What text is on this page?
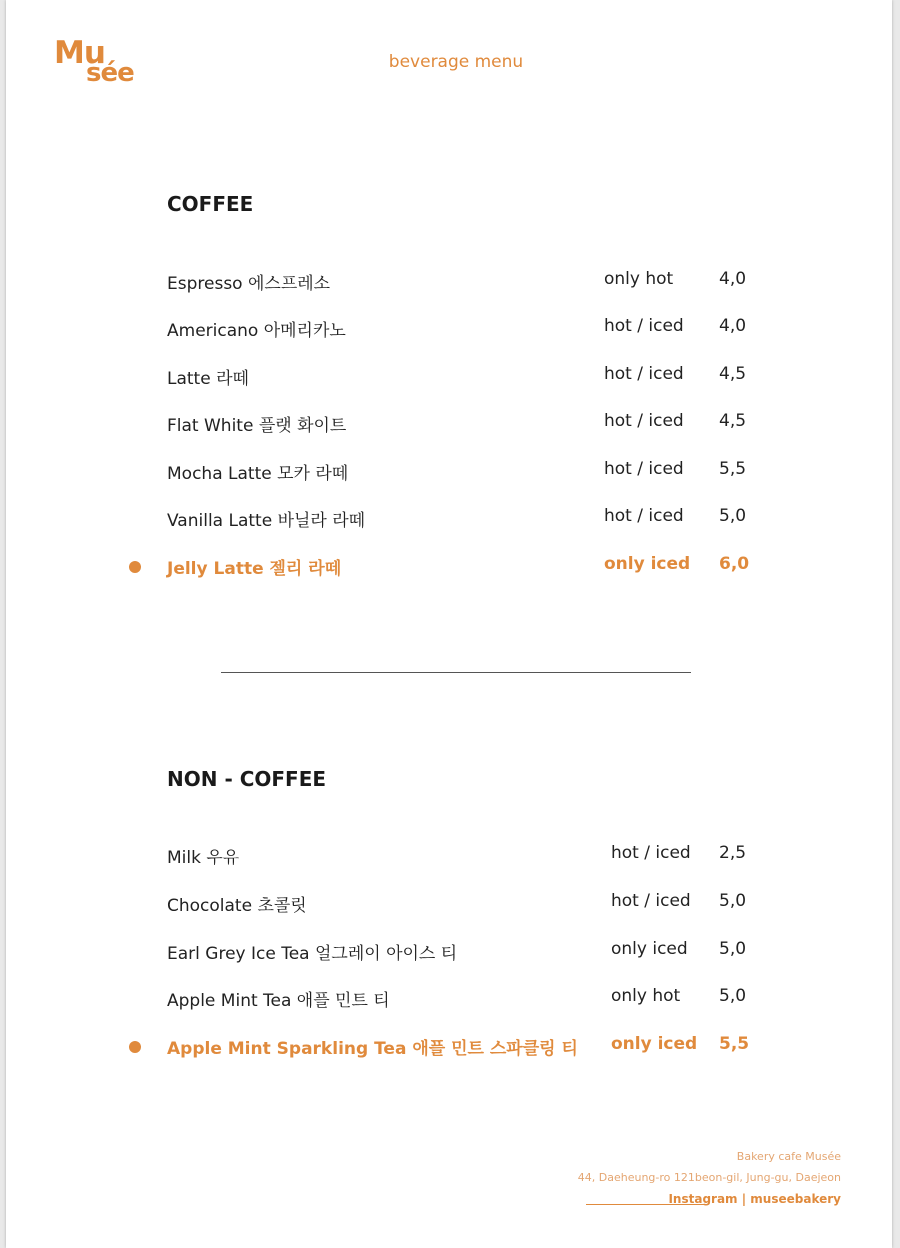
Mu
sée	beverage menu
COFFEE
Espresso 에스프레소	only hot	4,0
Americano 아메리카노	hot / iced 4,0
Latte 라떼	hot / iced 4,5
Flat White 플랫 화이트	hot / iced 4,5
Mocha Latte 모카 라떼	hot / iced 5,5
Vanilla Latte 바닐라 라떼	hot / iced 5,0
Jelly Latte 젤리 라떼	only iced 6,0
NON - COFFEE
Milk 우유	hot / iced 2,5
Chocolate 초콜릿	hot / iced 5,0
Earl Grey Ice Tea 얼그레이 아이스 티	only iced 5,0
Apple Mint Tea 애플 민트 티	only hot 5,0
Apple Mint Sparkling Tea 애플 민트 스파클링 티 only iced 5,5
Bakery cafe Musée
44, Daeheung-ro 121beon-gil, Jung-gu, Daejeon
Instagram | museebakery
